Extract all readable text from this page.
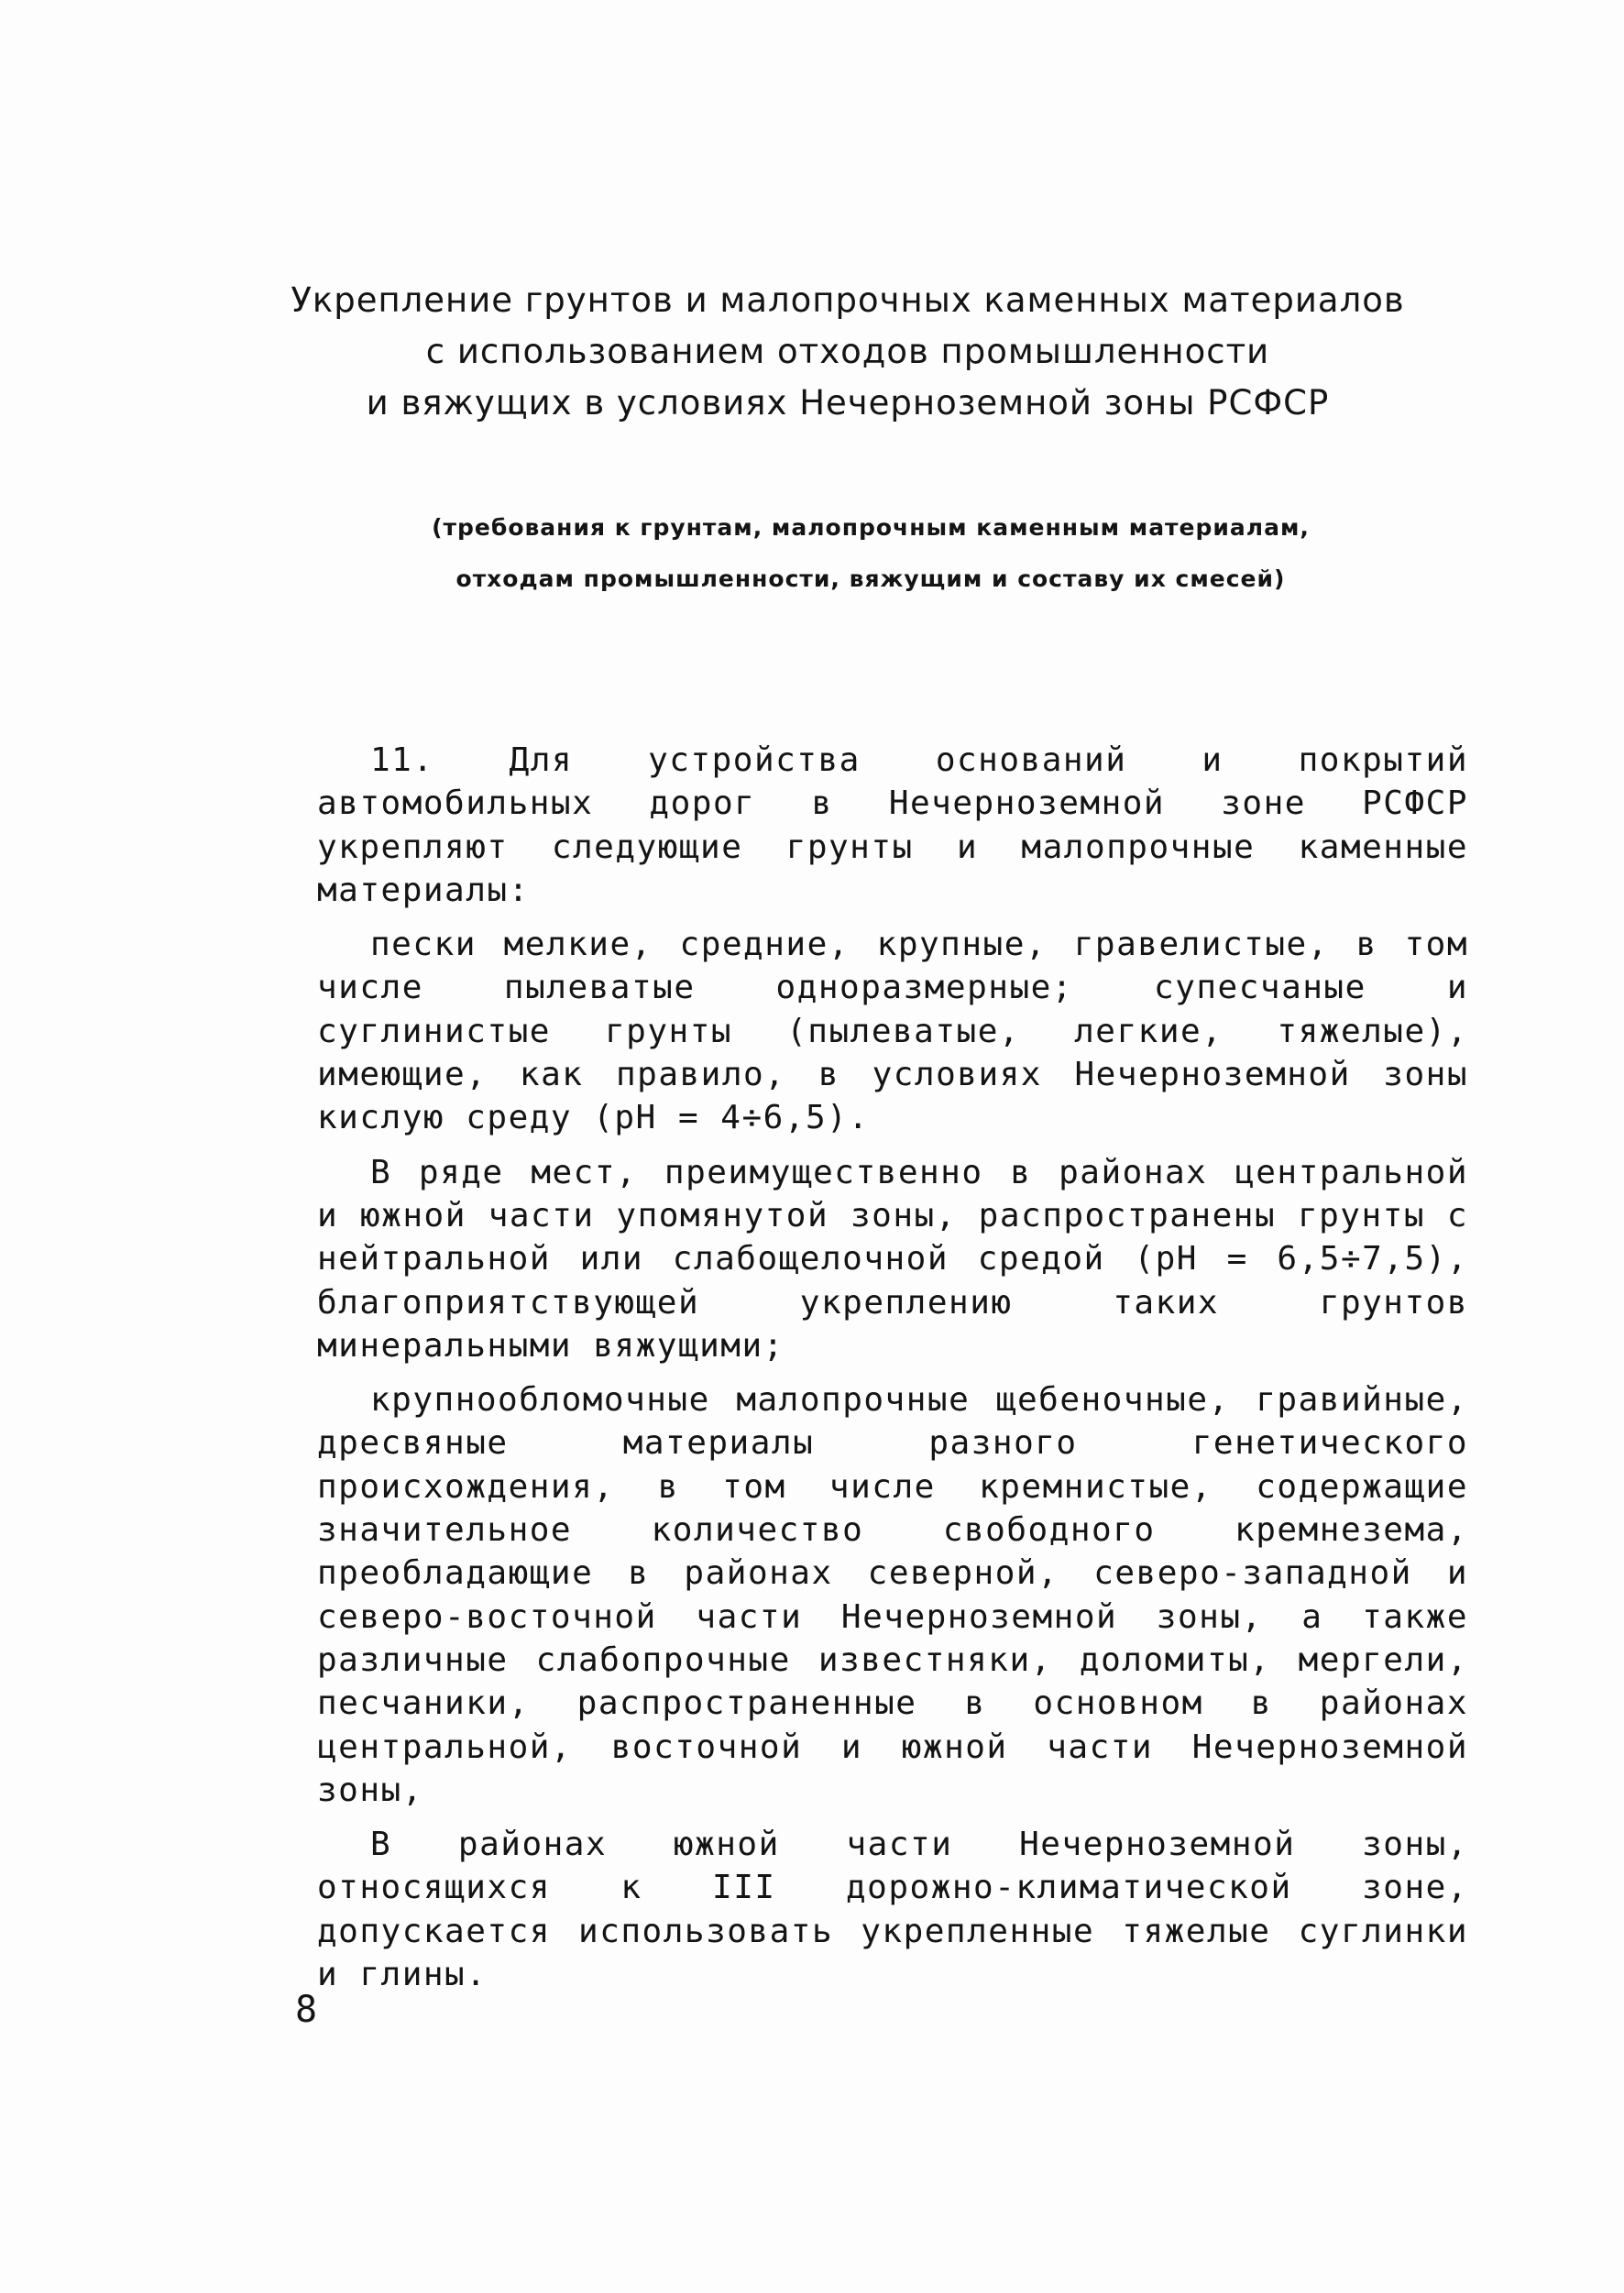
Укрепление грунтов и малопрочных каменных материалов
с использованием отходов промышленности
и вяжущих в условиях Нечерноземной зоны РСФСР
(требования к грунтам, малопрочным каменным материалам,
отходам промышленности, вяжущим и составу их смесей)

11. Для устройства оснований и покрытий автомобильных дорог в Нечерноземной зоне РСФСР укрепляют следующие грунты и малопрочные каменные материалы:

пески мелкие, средние, крупные, гравелистые, в том числе пылеватые одноразмерные; супесчаные и суглинистые грунты (пылеватые, легкие, тяжелые), имеющие, как правило, в условиях Нечерноземной зоны кислую среду (рН = 4÷6,5).

В ряде мест, преимущественно в районах центральной и южной части упомянутой зоны, распространены грунты с нейтральной или слабощелочной средой (рН = 6,5÷7,5), благоприятствующей укреплению таких грунтов минеральными вяжущими;

крупнообломочные малопрочные щебеночные, гравийные, дресвяные материалы разного генетического происхождения, в том числе кремнистые, содержащие значительное количество свободного кремнезема, преобладающие в районах северной, северо-западной и северо-восточной части Нечерноземной зоны, а также различные слабопрочные известняки, доломиты, мергели, песчаники, распространенные в основном в районах центральной, восточной и южной части Нечерноземной зоны,

В районах южной части Нечерноземной зоны, относящихся к III дорожно-климатической зоне, допускается использовать укрепленные тяжелые суглинки и глины.

8
